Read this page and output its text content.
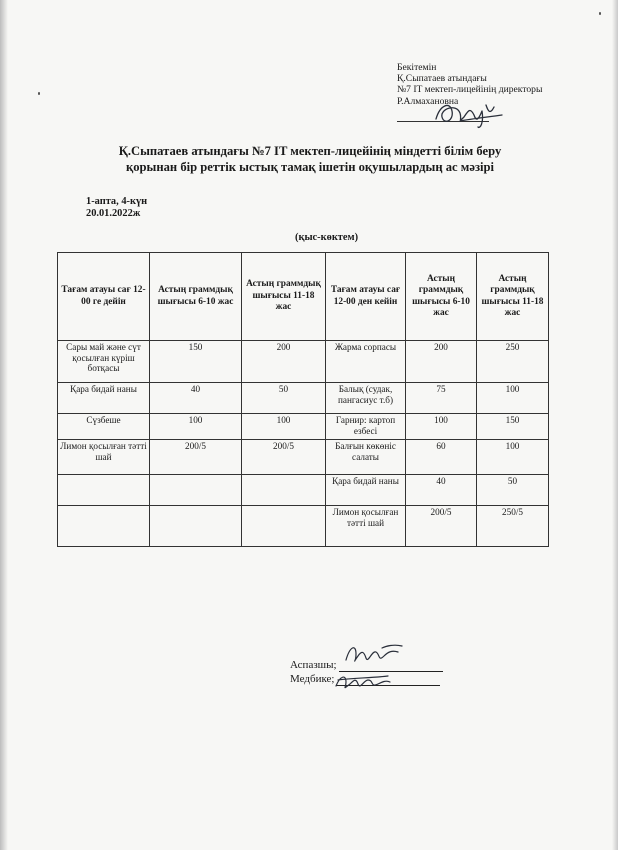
Бекітемін
Қ.Сыпатаев атындағы
№7 IT мектеп-лицейінің директоры
Р.Алмахановна
Қ.Сыпатаев атындағы №7 IT мектеп-лицейінің міндетті білім беру
қорынан бір реттік ыстық тамақ ішетін оқушылардың ас мәзірі
1-апта, 4-күн
20.01.2022ж
(қыс-көктем)
Тағам атауы сағ 12-00 ге дейін	Астың граммдық шығысы 6-10 жас	Астың граммдық шығысы 11-18 жас	Тағам атауы сағ 12-00 ден кейін	Астың граммдық шығысы 6-10 жас	Астың граммдық шығысы 11-18 жас
Сары май және сүт қосылған күріш ботқасы	150	200	Жарма сорпасы	200	250
Қара бидай наны	40	50	Балық (судак, пангасиус т.б)	75	100
Сүзбеше	100	100	Гарнир: картоп езбесі	100	150
Лимон қосылған тәтті шай	200/5	200/5	Балғын көкөніс салаты	60	100
			Қара бидай наны	40	50
			Лимон қосылған тәтті шай	200/5	250/5
Аспазшы;
Медбике;
